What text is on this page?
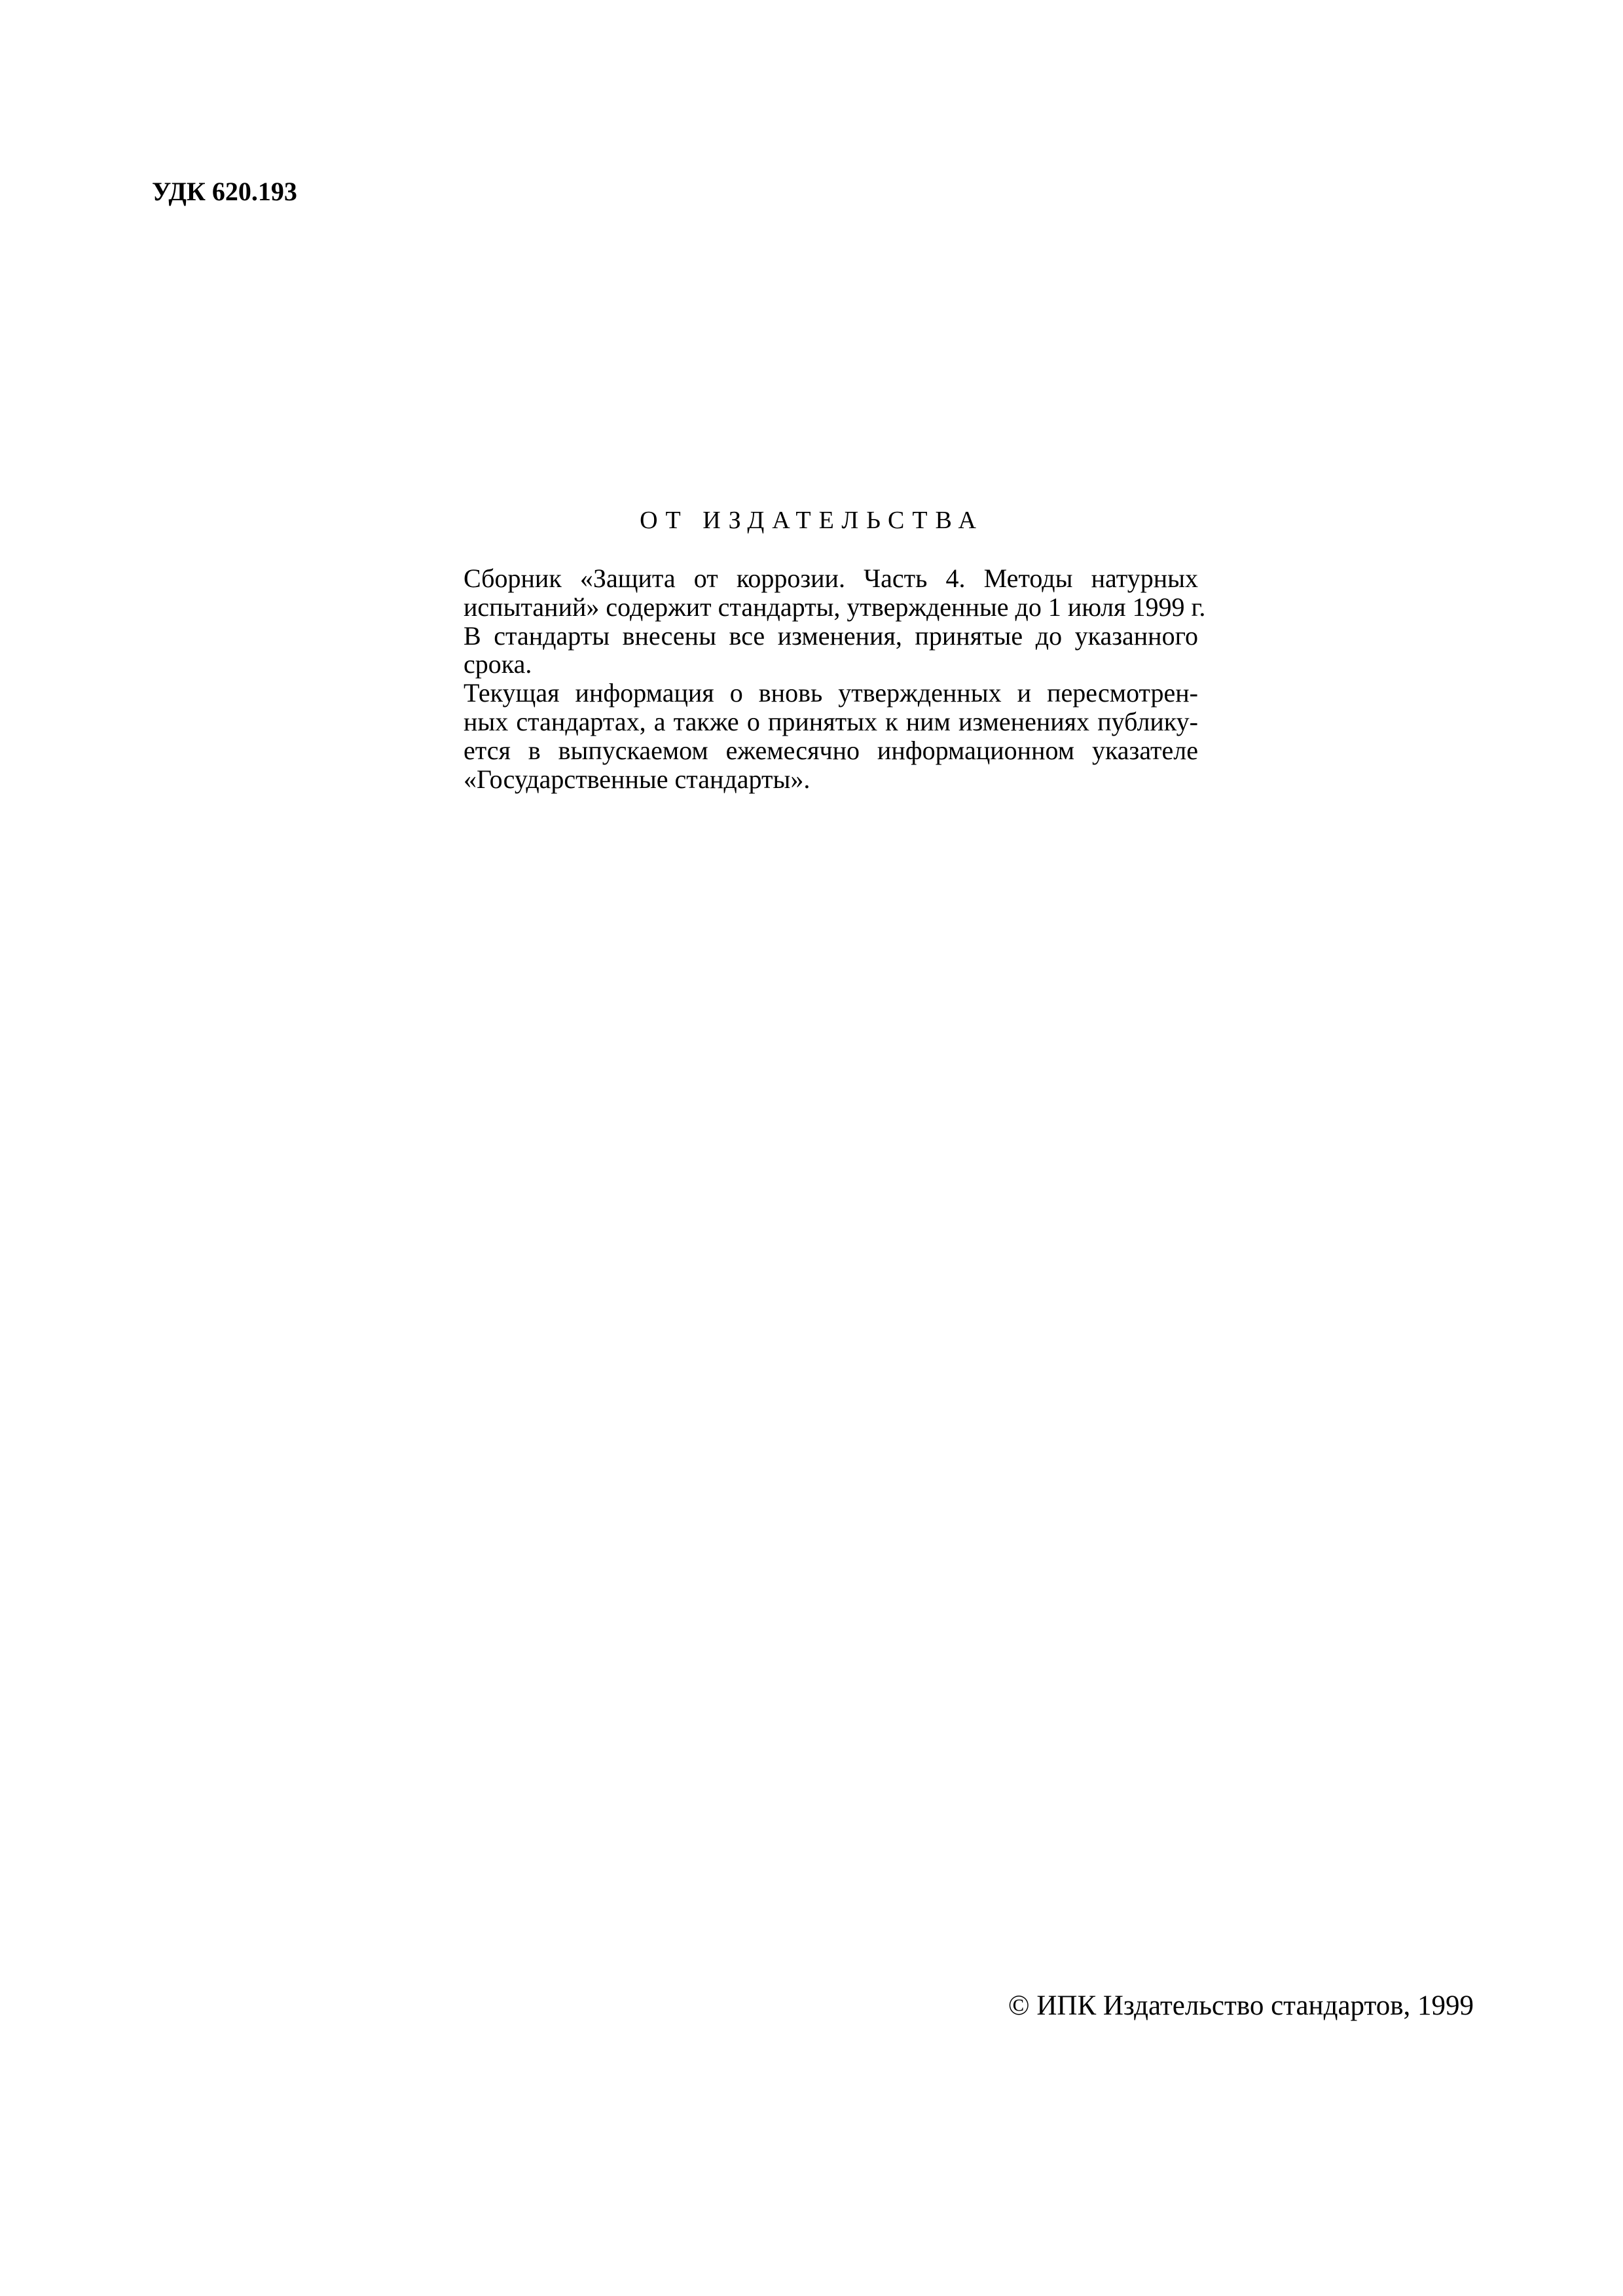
УДК 620.193
ОТ ИЗДАТЕЛЬСТВА

Сборник «Защита от коррозии. Часть 4. Методы натурных
испытаний» содержит стандарты, утвержденные до 1 июля 1999 г.

В стандарты внесены все изменения, принятые до указанного
срока.

Текущая информация о вновь утвержденных и пересмотрен-
ных стандартах, а также о принятых к ним изменениях публику-
ется в выпускаемом ежемесячно информационном указателе
«Государственные стандарты».

© ИПК Издательство стандартов, 1999
